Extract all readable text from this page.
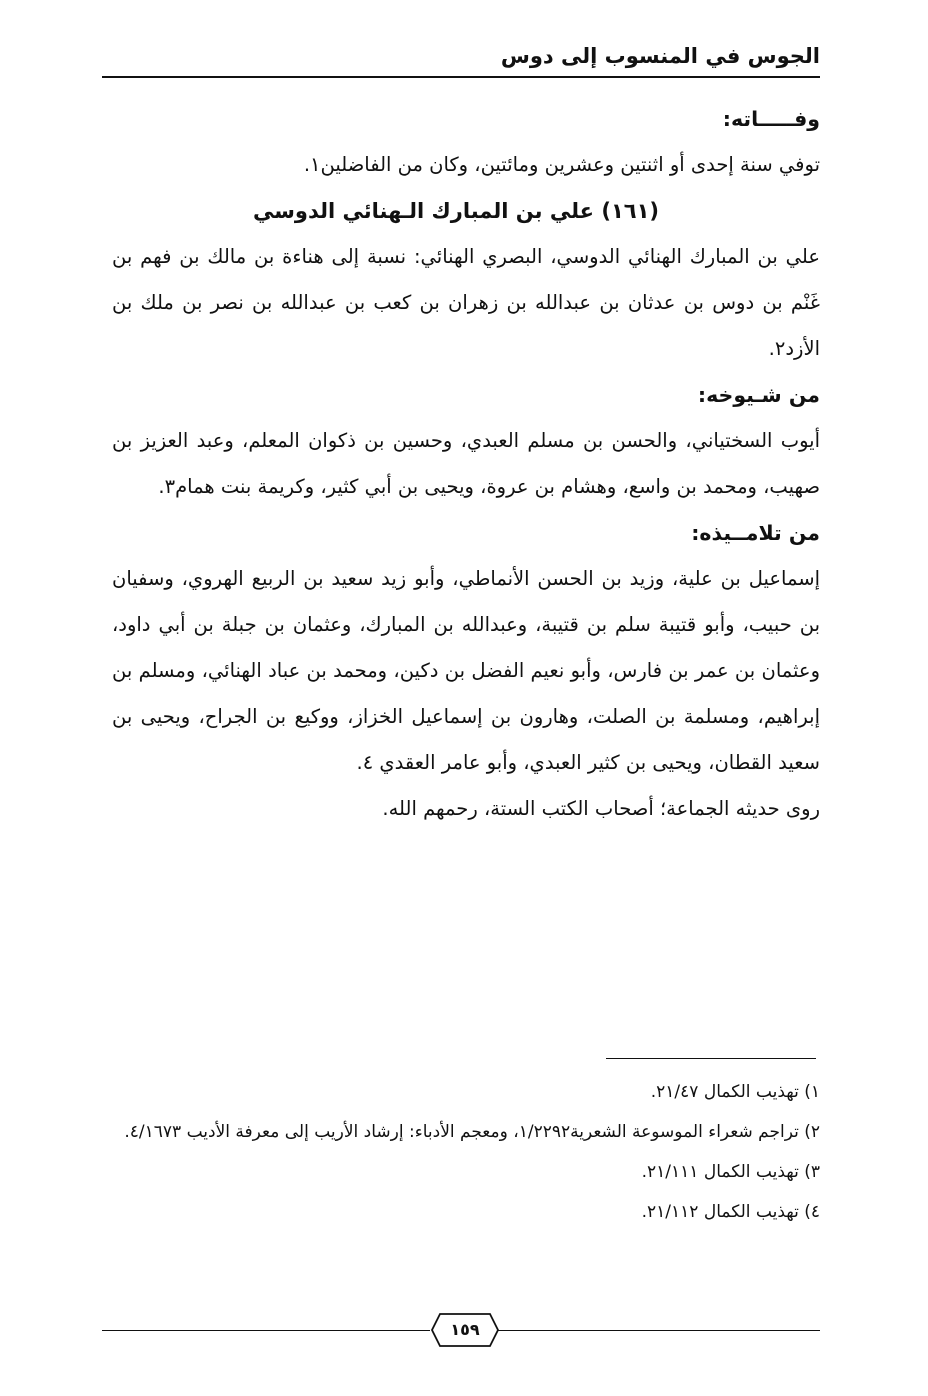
الجوس في المنسوب إلى دوس

وفـــــاته:

توفي سنة إحدى أو اثنتين وعشرين ومائتين، وكان من الفاضلين١.

(١٦١) علي بن المبارك الـهنائي الدوسي

علي بن المبارك الهنائي الدوسي، البصري الهنائي: نسبة إلى هناءة بن مالك بن فهم بن غَنْم بن دوس بن عدثان بن عبدالله بن زهران بن كعب بن عبدالله بن نصر بن ملك بن الأزد٢.

من شـيوخه:

أيوب السختياني، والحسن بن مسلم العبدي، وحسين بن ذكوان المعلم، وعبد العزيز بن صهيب، ومحمد بن واسع، وهشام بن عروة، ويحيى بن أبي كثير، وكريمة بنت همام٣.

من تلامــيذه:

إسماعيل بن علية، وزيد بن الحسن الأنماطي، وأبو زيد سعيد بن الربيع الهروي، وسفيان بن حبيب، وأبو قتيبة سلم بن قتيبة، وعبدالله بن المبارك، وعثمان بن جبلة بن أبي داود، وعثمان بن عمر بن فارس، وأبو نعيم الفضل بن دكين، ومحمد بن عباد الهنائي، ومسلم بن إبراهيم، ومسلمة بن الصلت، وهارون بن إسماعيل الخزاز، ووكيع بن الجراح، ويحيى بن سعيد القطان، ويحيى بن كثير العبدي، وأبو عامر العقدي ٤.

روى حديثه الجماعة؛ أصحاب الكتب الستة، رحمهم الله.

١) تهذيب الكمال ٢١/٤٧.

٢) تراجم شعراء الموسوعة الشعرية١/٢٢٩٢، ومعجم الأدباء: إرشاد الأريب إلى معرفة الأديب ٤/١٦٧٣.

٣) تهذيب الكمال ٢١/١١١.

٤) تهذيب الكمال ٢١/١١٢.

١٥٩
